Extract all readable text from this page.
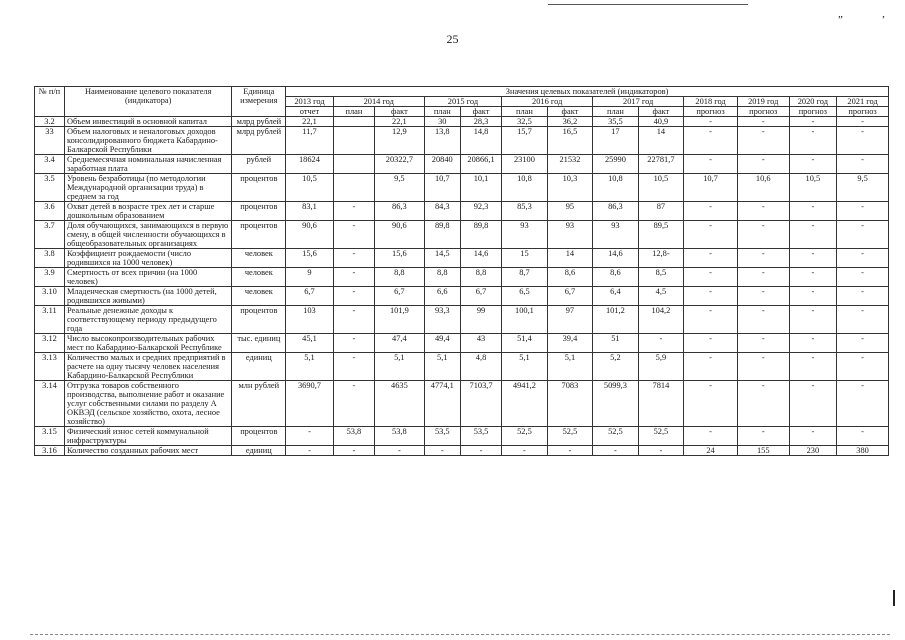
” ’
25
№ п/п	Наименование целевого показателя (индикатора)	Единица измерения	Значения целевых показателей (индикаторов)												
			2013 год	2014 год		2015 год		2016 год		2017 год		2018 год	2019 год	2020 год	2021 год
			отчет	план	факт	план	факт	план	факт	план	факт	прогноз	прогноз	прогноз	прогноз
3.2	Объем инвестиций в основной капитал	млрд рублей	22,1		22,1	30	28,3	32,5	36,2	35,5	40,9	-	-	-	-
33	Объем налоговых и неналоговых доходов консолидированного бюджета Кабардино-Балкарской Республики	млрд рублей	11,7		12,9	13,8	14,8	15,7	16,5	17	14	-	-	-	-
3.4	Среднемесячная номинальная начисленная заработная плата	рублей	18624		20322,7	20840	20866,1	23100	21532	25990	22781,7	-	-	-	-
3.5	Уровень безработицы (по методологии Международной организации труда) в среднем за год	процентов	10,5		9,5	10,7	10,1	10,8	10,3	10,8	10,5	10,7	10,6	10,5	9,5
3.6	Охват детей в возрасте трех лет и старше дошкольным образованием	процентов	83,1	-	86,3	84,3	92,3	85,3	95	86,3	87	-	-	-	-
3.7	Доля обучающихся, занимающихся в первую смену, в общей численности обучающихся в общеобразовательных организациях	процентов	90,6	-	90,6	89,8	89,8	93	93	93	89,5	-	-	-	-
3.8	Коэффициент рождаемости (число родившихся на 1000 человек)	человек	15,6	-	15,6	14,5	14,6	15	14	14,6	12,8-	-	-	-	-
3.9	Смертность от всех причин (на 1000 человек)	человек	9	-	8,8	8,8	8,8	8,7	8,6	8,6	8,5	-	-	-	-
3.10	Младенческая смертность (на 1000 детей, родившихся живыми)	человек	6,7	-	6,7	6,6	6,7	6,5	6,7	6,4	4,5	-	-	-	-
3.11	Реальные денежные доходы к соответствующему периоду предыдущего года	процентов	103	-	101,9	93,3	99	100,1	97	101,2	104,2	-	-	-	-
3.12	Число высокопроизводительных рабочих мест по Кабардино-Балкарской Республике	тыс. единиц	45,1	-	47,4	49,4	43	51,4	39,4	51	-	-	-	-	-
3.13	Количество малых и средних предприятий в расчете на одну тысячу человек населения Кабардино-Балкарской Республики	единиц	5,1	-	5,1	5,1	4,8	5,1	5,1	5,2	5,9	-	-	-	-
3.14	Отгрузка товаров собственного производства, выполнение работ и оказание услуг собственными силами по разделу А ОКВЭД (сельское хозяйство, охота, лесное хозяйство)	млн рублей	3690,7	-	4635	4774,1	7103,7	4941,2	7083	5099,3	7814	-	-	-	-
3.15	Физический износ сетей коммунальной инфраструктуры	процентов	-	53,8	53,8	53,5	53,5	52,5	52,5	52,5	52,5	-	-	-	-
3.16	Количество созданных рабочих мест	единиц	-	-	-	-	-	-	-	-	-	24	155	230	380
